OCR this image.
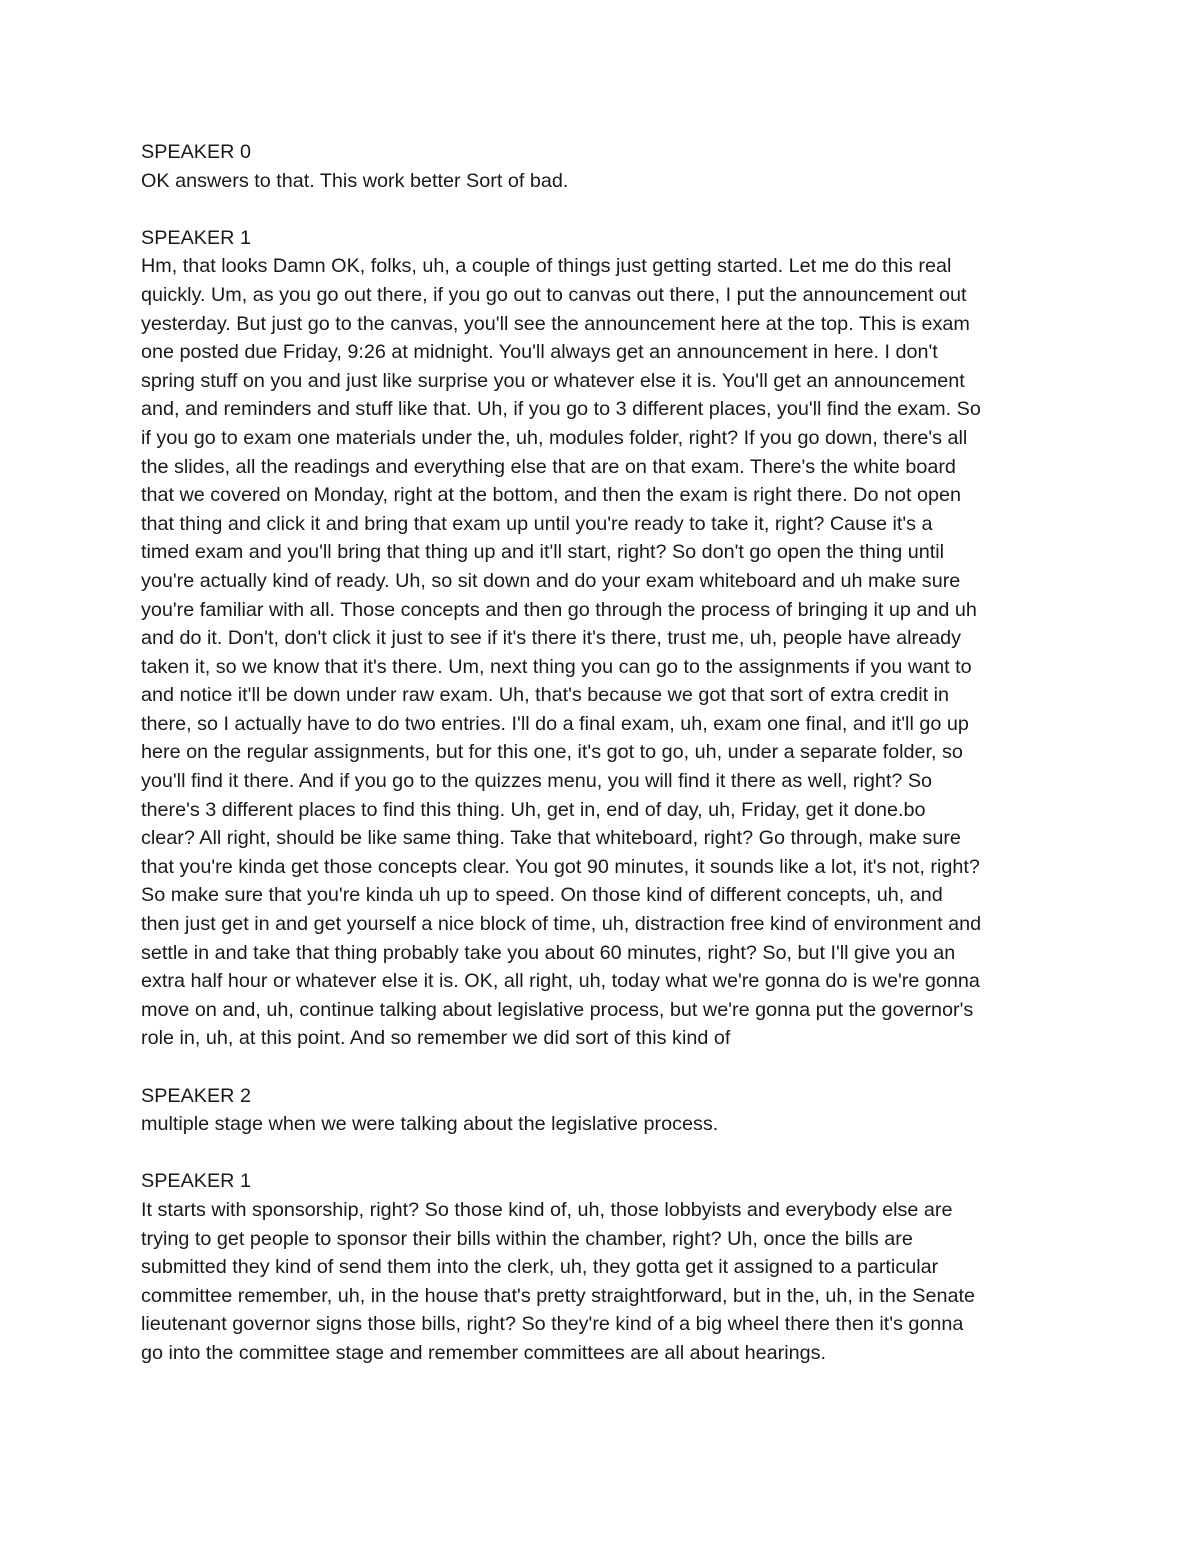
SPEAKER 0
OK answers to that. This work better Sort of bad.
SPEAKER 1
Hm, that looks Damn OK, folks, uh, a couple of things just getting started. Let me do this real
quickly. Um, as you go out there, if you go out to canvas out there, I put the announcement out
yesterday. But just go to the canvas, you'll see the announcement here at the top. This is exam
one posted due Friday, 9:26 at midnight. You'll always get an announcement in here. I don't
spring stuff on you and just like surprise you or whatever else it is. You'll get an announcement
and, and reminders and stuff like that. Uh, if you go to 3 different places, you'll find the exam. So
if you go to exam one materials under the, uh, modules folder, right? If you go down, there's all
the slides, all the readings and everything else that are on that exam. There's the white board
that we covered on Monday, right at the bottom, and then the exam is right there. Do not open
that thing and click it and bring that exam up until you're ready to take it, right? Cause it's a
timed exam and you'll bring that thing up and it'll start, right? So don't go open the thing until
you're actually kind of ready. Uh, so sit down and do your exam whiteboard and uh make sure
you're familiar with all. Those concepts and then go through the process of bringing it up and uh
and do it. Don't, don't click it just to see if it's there it's there, trust me, uh, people have already
taken it, so we know that it's there. Um, next thing you can go to the assignments if you want to
and notice it'll be down under raw exam. Uh, that's because we got that sort of extra credit in
there, so I actually have to do two entries. I'll do a final exam, uh, exam one final, and it'll go up
here on the regular assignments, but for this one, it's got to go, uh, under a separate folder, so
you'll find it there. And if you go to the quizzes menu, you will find it there as well, right? So
there's 3 different places to find this thing. Uh, get in, end of day, uh, Friday, get it done.bo
clear? All right, should be like same thing. Take that whiteboard, right? Go through, make sure
that you're kinda get those concepts clear. You got 90 minutes, it sounds like a lot, it's not, right?
So make sure that you're kinda uh up to speed. On those kind of different concepts, uh, and
then just get in and get yourself a nice block of time, uh, distraction free kind of environment and
settle in and take that thing probably take you about 60 minutes, right? So, but I'll give you an
extra half hour or whatever else it is. OK, all right, uh, today what we're gonna do is we're gonna
move on and, uh, continue talking about legislative process, but we're gonna put the governor's
role in, uh, at this point. And so remember we did sort of this kind of
SPEAKER 2
multiple stage when we were talking about the legislative process.
SPEAKER 1
It starts with sponsorship, right? So those kind of, uh, those lobbyists and everybody else are
trying to get people to sponsor their bills within the chamber, right? Uh, once the bills are
submitted they kind of send them into the clerk, uh, they gotta get it assigned to a particular
committee remember, uh, in the house that's pretty straightforward, but in the, uh, in the Senate
lieutenant governor signs those bills, right? So they're kind of a big wheel there then it's gonna
go into the committee stage and remember committees are all about hearings.
